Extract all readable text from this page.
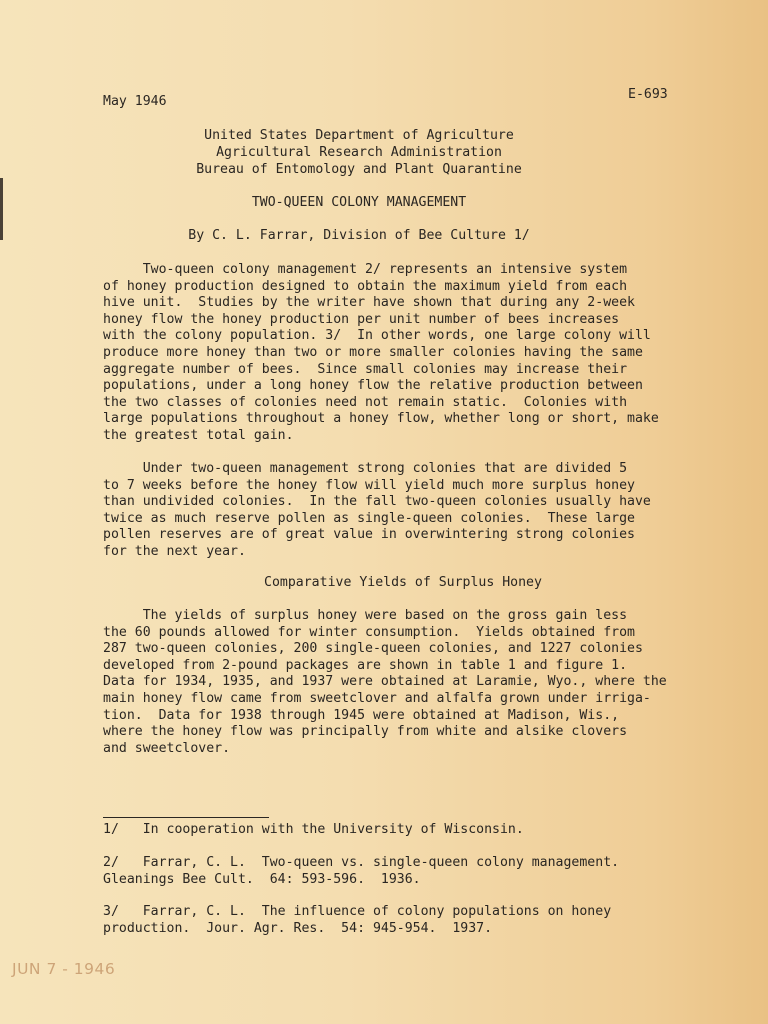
May 1946	E-693
United States Department of Agriculture
Agricultural Research Administration
Bureau of Entomology and Plant Quarantine
TWO-QUEEN COLONY MANAGEMENT
By C. L. Farrar, Division of Bee Culture 1/
Two-queen colony management 2/ represents an intensive system
of honey production designed to obtain the maximum yield from each
hive unit.  Studies by the writer have shown that during any 2-week
honey flow the honey production per unit number of bees increases
with the colony population. 3/  In other words, one large colony will
produce more honey than two or more smaller colonies having the same
aggregate number of bees.  Since small colonies may increase their
populations, under a long honey flow the relative production between
the two classes of colonies need not remain static.  Colonies with
large populations throughout a honey flow, whether long or short, make
the greatest total gain.
Under two-queen management strong colonies that are divided 5
to 7 weeks before the honey flow will yield much more surplus honey
than undivided colonies.  In the fall two-queen colonies usually have
twice as much reserve pollen as single-queen colonies.  These large
pollen reserves are of great value in overwintering strong colonies
for the next year.
Comparative Yields of Surplus Honey
The yields of surplus honey were based on the gross gain less
the 60 pounds allowed for winter consumption.  Yields obtained from
287 two-queen colonies, 200 single-queen colonies, and 1227 colonies
developed from 2-pound packages are shown in table 1 and figure 1.
Data for 1934, 1935, and 1937 were obtained at Laramie, Wyo., where the
main honey flow came from sweetclover and alfalfa grown under irriga-
tion.  Data for 1938 through 1945 were obtained at Madison, Wis.,
where the honey flow was principally from white and alsike clovers
and sweetclover.
1/   In cooperation with the University of Wisconsin.
2/   Farrar, C. L.  Two-queen vs. single-queen colony management.
Gleanings Bee Cult.  64: 593-596.  1936.
3/   Farrar, C. L.  The influence of colony populations on honey
production.  Jour. Agr. Res.  54: 945-954.  1937.
JUN 7 - 1946
